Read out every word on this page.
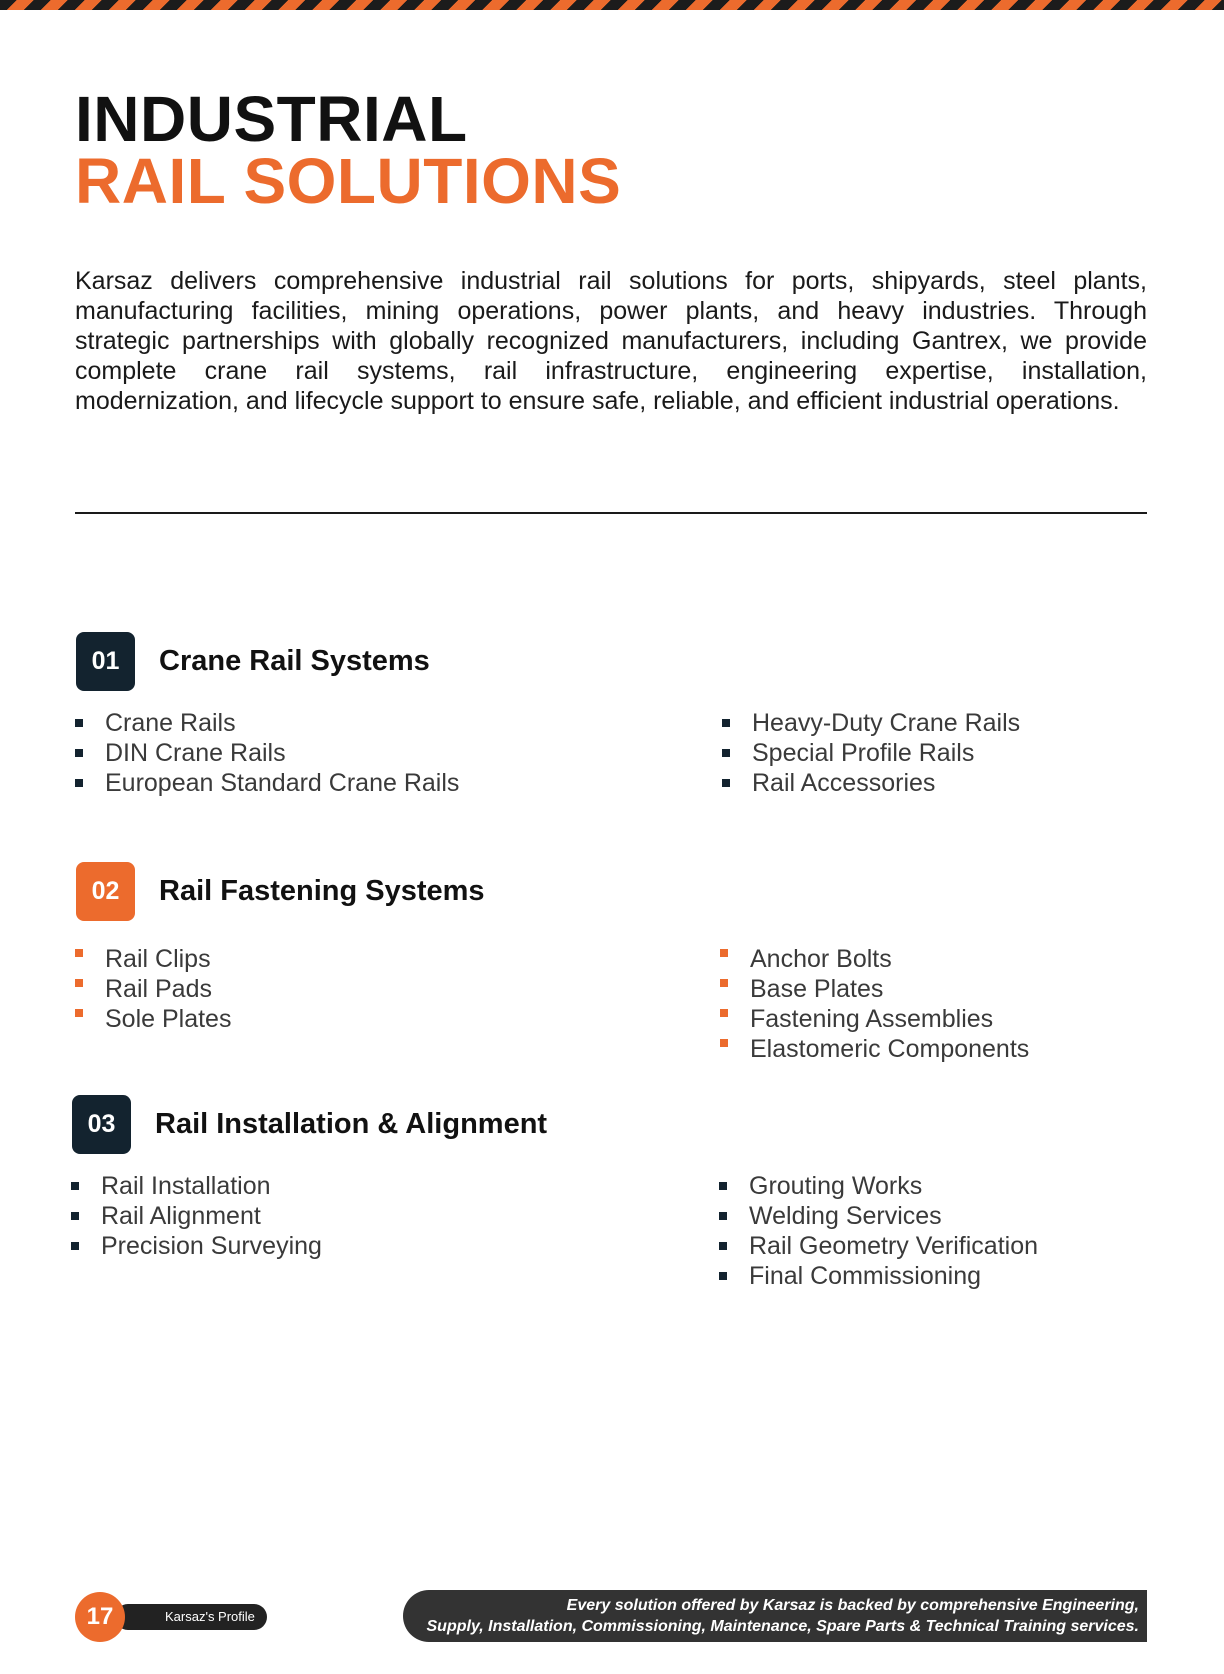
INDUSTRIAL
RAIL SOLUTIONS

Karsaz delivers comprehensive industrial rail solutions for ports, shipyards, steel plants, manufacturing facilities, mining operations, power plants, and heavy industries. Through strategic partnerships with globally recognized manufacturers, including Gantrex, we provide complete crane rail systems, rail infrastructure, engineering expertise, installation, modernization, and lifecycle support to ensure safe, reliable, and efficient industrial operations.

01	Crane Rail Systems
Crane Rails
DIN Crane Rails
European Standard Crane Rails
Heavy-Duty Crane Rails
Special Profile Rails
Rail Accessories
02	Rail Fastening Systems
Rail Clips
Rail Pads
Sole Plates
Anchor Bolts
Base Plates
Fastening Assemblies
Elastomeric Components
03	Rail Installation & Alignment
Rail Installation
Rail Alignment
Precision Surveying
Grouting Works
Welding Services
Rail Geometry Verification
Final Commissioning
Karsaz's Profile
17	Every solution offered by Karsaz is backed by comprehensive Engineering,
Supply, Installation, Commissioning, Maintenance, Spare Parts & Technical Training services.
